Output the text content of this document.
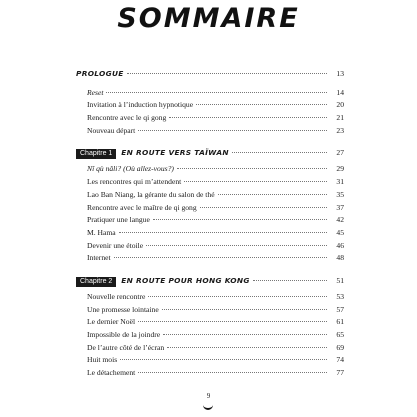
SOMMAIRE
PROLOGUE	13
Reset	14
Invitation à l’induction hypnotique	20
Rencontre avec le qi gong	21
Nouveau départ	23
Chapitre 1 EN ROUTE VERS TAÏWAN	27
Nǐ qù nǎli? (Où allez-vous?)	29
Les rencontres qui m’attendent	31
Lao Ban Niang, la gérante du salon de thé	35
Rencontre avec le maître de qi gong	37
Pratiquer une langue	42
M. Hama	45
Devenir une étoile	46
Internet	48
Chapitre 2 EN ROUTE POUR HONG KONG	51
Nouvelle rencontre	53
Une promesse lointaine	57
Le dernier Noël	61
Impossible de la joindre	65
De l’autre côté de l’écran	69
Huit mois	74
Le détachement	77
9
